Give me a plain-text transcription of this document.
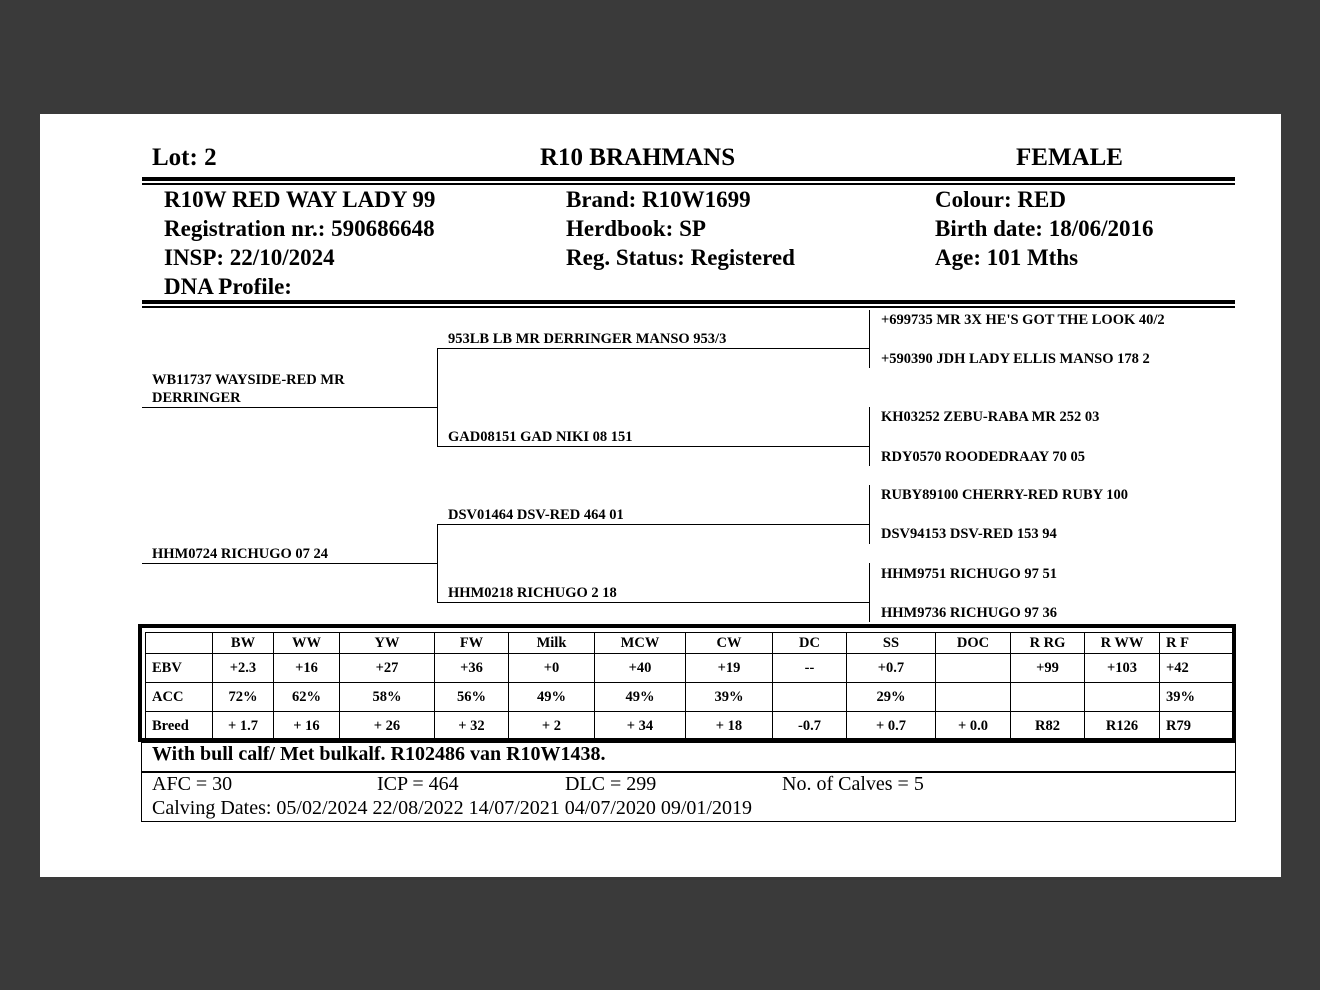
Lot: 2	R10 BRAHMANS	FEMALE
R10W RED WAY LADY 99
Registration nr.: 590686648
INSP: 22/10/2024
DNA Profile:
Brand: R10W1699
Herdbook: SP
Reg. Status: Registered
Colour: RED
Birth date: 18/06/2016
Age: 101 Mths
WB11737 WAYSIDE-RED MR DERRINGER
HHM0724 RICHUGO 07 24
953LB LB MR DERRINGER MANSO 953/3
GAD08151 GAD NIKI 08 151
DSV01464 DSV-RED 464 01
HHM0218 RICHUGO 2 18
+699735 MR 3X HE'S GOT THE LOOK 40/2
+590390 JDH LADY ELLIS MANSO 178 2
KH03252 ZEBU-RABA MR 252 03
RDY0570 ROODEDRAAY 70 05
RUBY89100 CHERRY-RED RUBY 100
DSV94153 DSV-RED 153 94
HHM9751 RICHUGO 97 51
HHM9736 RICHUGO 97 36
	BW	WW	YW	FW	Milk	MCW	CW	DC	SS	DOC	R RG	R WW	R F
EBV	+2.3	+16	+27	+36	+0	+40	+19	--	+0.7		+99	+103	+42
ACC	72%	62%	58%	56%	49%	49%	39%		29%				39%
Breed	+ 1.7	+ 16	+ 26	+ 32	+ 2	+ 34	+ 18	-0.7	+ 0.7	+ 0.0	R82	R126	R79
With bull calf/ Met bulkalf. R102486 van R10W1438.
AFC = 30	ICP = 464	DLC = 299	No. of Calves = 5
Calving Dates: 05/02/2024 22/08/2022 14/07/2021 04/07/2020 09/01/2019
